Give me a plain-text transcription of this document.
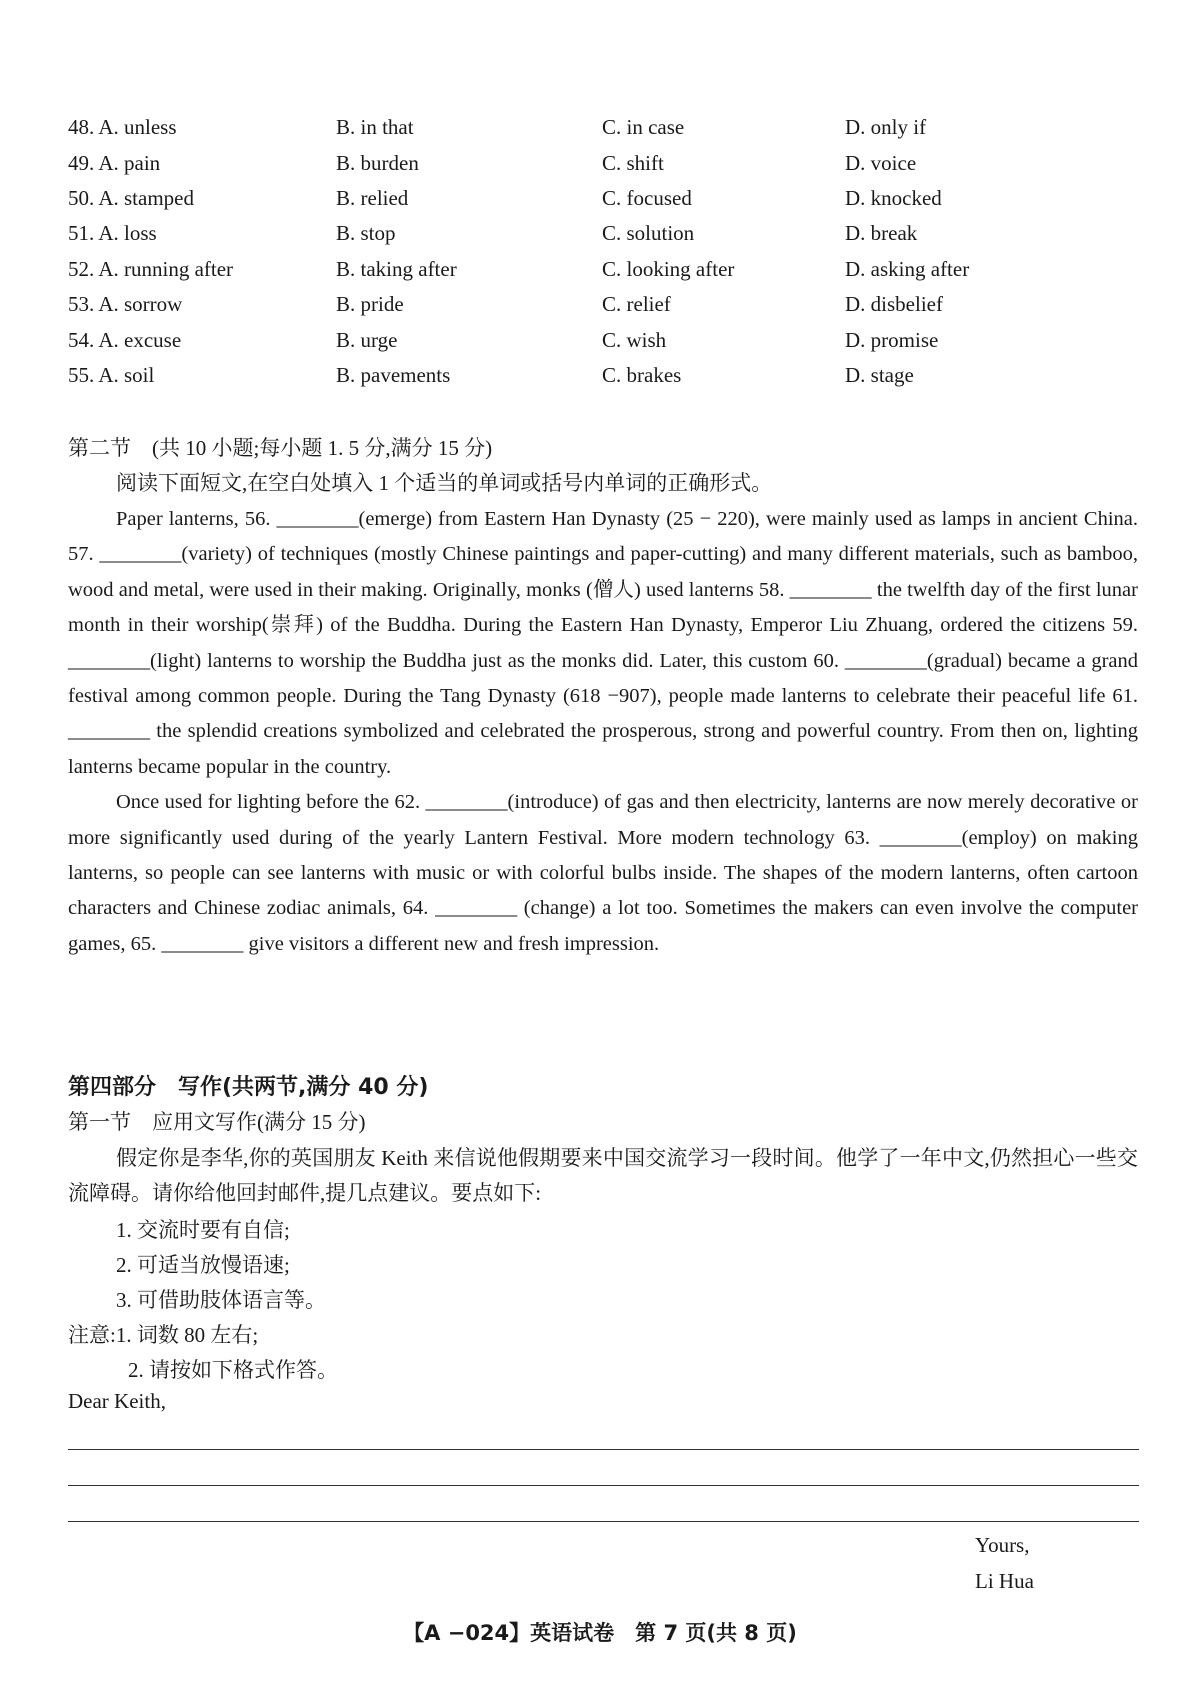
48. A. unless	B. in that	C. in case	D. only if
49. A. pain	B. burden	C. shift	D. voice
50. A. stamped	B. relied	C. focused	D. knocked
51. A. loss	B. stop	C. solution	D. break
52. A. running after	B. taking after	C. looking after	D. asking after
53. A. sorrow	B. pride	C. relief	D. disbelief
54. A. excuse	B. urge	C. wish	D. promise
55. A. soil	B. pavements	C. brakes	D. stage
第二节　(共 10 小题;每小题 1. 5 分,满分 15 分)
阅读下面短文,在空白处填入 1 个适当的单词或括号内单词的正确形式。

Paper lanterns, 56. ________(emerge) from Eastern Han Dynasty (25 − 220), were mainly used as lamps in ancient China. 57. ________(variety) of techniques (mostly Chinese paintings and paper-cutting) and many different materials, such as bamboo, wood and metal, were used in their making. Originally, monks (僧人) used lanterns 58. ________ the twelfth day of the first lunar month in their worship(崇拜) of the Buddha. During the Eastern Han Dynasty, Emperor Liu Zhuang, ordered the citizens 59. ________(light) lanterns to worship the Buddha just as the monks did. Later, this custom 60. ________(gradual) became a grand festival among common people. During the Tang Dynasty (618 −907), people made lanterns to celebrate their peaceful life 61. ________ the splendid creations symbolized and celebrated the prosperous, strong and powerful country. From then on, lighting lanterns became popular in the country.

Once used for lighting before the 62. ________(introduce) of gas and then electricity, lanterns are now merely decorative or more significantly used during of the yearly Lantern Festival. More modern technology 63. ________(employ) on making lanterns, so people can see lanterns with music or with colorful bulbs inside. The shapes of the modern lanterns, often cartoon characters and Chinese zodiac animals, 64. ________ (change) a lot too. Sometimes the makers can even involve the computer games, 65. ________ give visitors a different new and fresh impression.

第四部分　写作(共两节,满分 40 分)
第一节　应用文写作(满分 15 分)

假定你是李华,你的英国朋友 Keith 来信说他假期要来中国交流学习一段时间。他学了一年中文,仍然担心一些交流障碍。请你给他回封邮件,提几点建议。要点如下:

1. 交流时要有自信;
2. 可适当放慢语速;
3. 可借助肢体语言等。
注意:1. 词数 80 左右;
2. 请按如下格式作答。
Dear Keith,
Yours,
Li Hua
【A −024】英语试卷　第 7 页(共 8 页)
